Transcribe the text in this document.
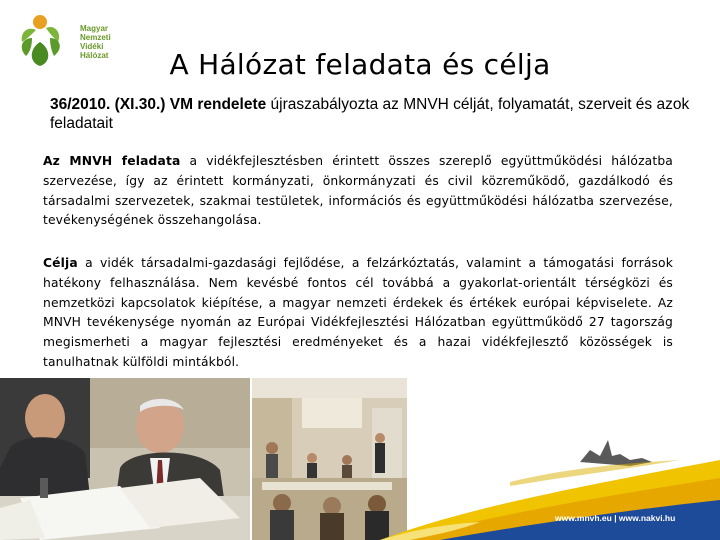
Magyar
Nemzeti
Vidéki
Hálózat	A Hálózat feladata és célja
36/2010. (XI.30.) VM rendelete újraszabályozta az MNVH célját, folyamatát, szerveit és azok feladatait
Az MNVH feladata a vidékfejlesztésben érintett összes szereplő együttműködési hálózatba szervezése, így az érintett kormányzati, önkormányzati és civil közreműködő, gazdálkodó és társadalmi szervezetek, szakmai testületek, információs és együttműködési hálózatba szervezése, tevékenységének összehangolása.
Célja a vidék társadalmi-gazdasági fejlődése, a felzárkóztatás, valamint a támogatási források hatékony felhasználása. Nem kevésbé fontos cél továbbá a gyakorlat-orientált térségközi és nemzetközi kapcsolatok kiépítése, a magyar nemzeti érdekek és értékek európai képviselete. Az MNVH tevékenysége nyomán az Európai Vidékfejlesztési Hálózatban együttműködő 27 tagország megismerheti a magyar fejlesztési eredményeket és a hazai vidékfejlesztő közösségek is tanulhatnak külföldi mintákból.
www.mnvh.eu | www.nakvi.hu
